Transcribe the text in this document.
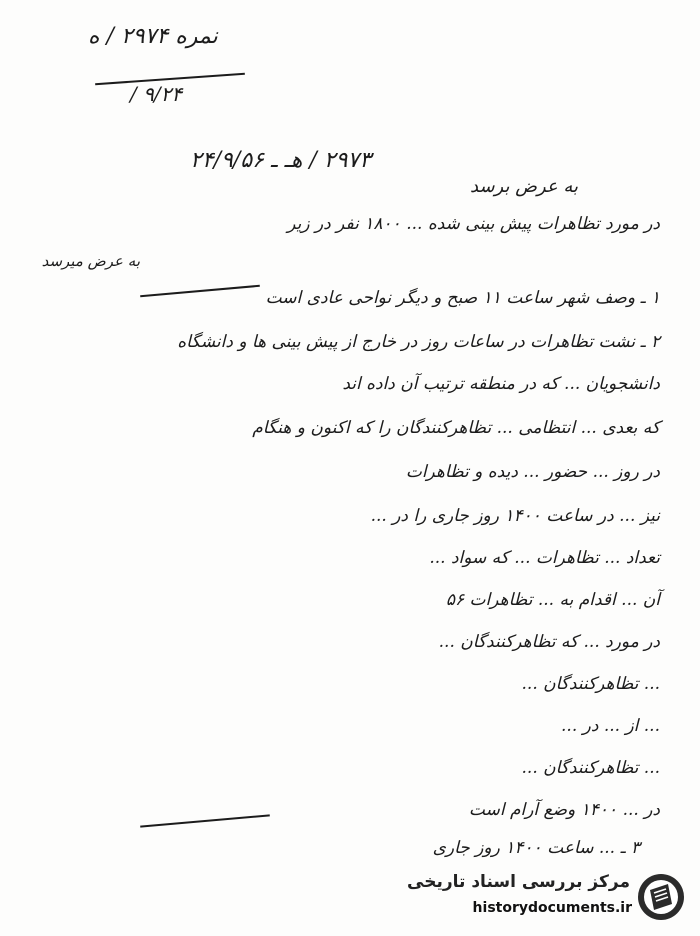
نمره ۲۹۷۴ / ه
۹/۲۴ /
۲۹۷۳ / هـ ـ ۲۴/۹/۵۶
به عرض برسد
در مورد تظاهرات پیش بینی شده ... ۱۸۰۰ نفر در زیر
به عرض میرسد
۱ ـ وصف شهر ساعت ۱۱ صبح و دیگر نواحی عادی است
۲ ـ نشت تظاهرات در ساعات روز در خارج از پیش بینی ها و دانشگاه
دانشجویان ... که در منطقه ترتیب آن داده اند
که بعدی ... انتظامی ... تظاهرکنندگان را که اکنون و هنگام
در روز ... حضور ... دیده و تظاهرات
نیز ... در ساعت ۱۴۰۰ روز جاری را در ...
تعداد ... تظاهرات ... که سواد ...
آن ... اقدام به ... تظاهرات ۵۶
در مورد ... که تظاهرکنندگان ...
... تظاهرکنندگان ...
... از ... در ...
... تظاهرکنندگان ...
در ... ۱۴۰۰ وضع آرام است
۳ ـ ... ساعت ۱۴۰۰ روز جاری
مرکز بررسی اسناد تاریخی
historydocuments.ir
